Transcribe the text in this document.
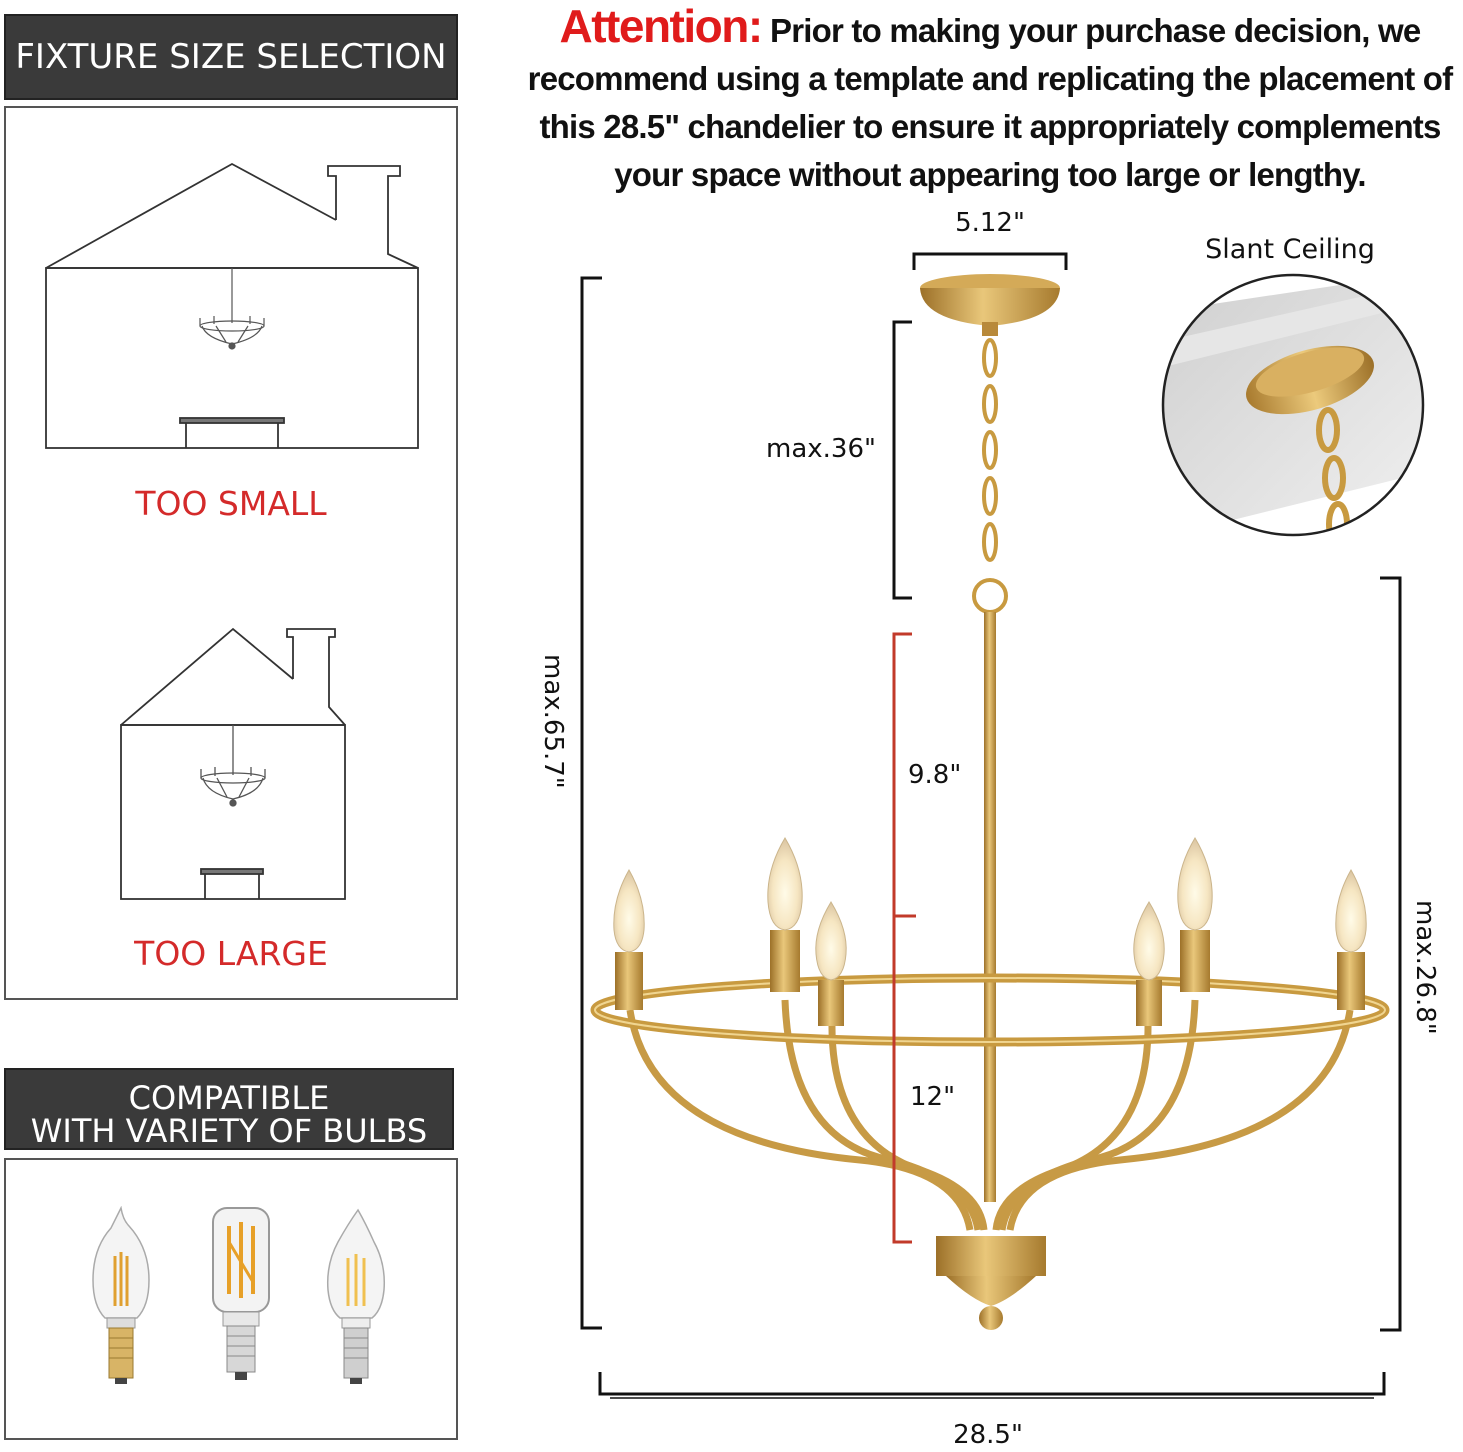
FIXTURE SIZE SELECTION
TOO SMALL
TOO LARGE
COMPATIBLE
WITH VARIETY OF BULBS
Attention: Prior to making your purchase decision, we recommend using a template and replicating the placement of this 28.5" chandelier to ensure it appropriately complements your space without appearing too large or lengthy.
Slant Ceiling
5.12"
max.36"
max.65.7"
max.26.8"
9.8"
12"
28.5"
